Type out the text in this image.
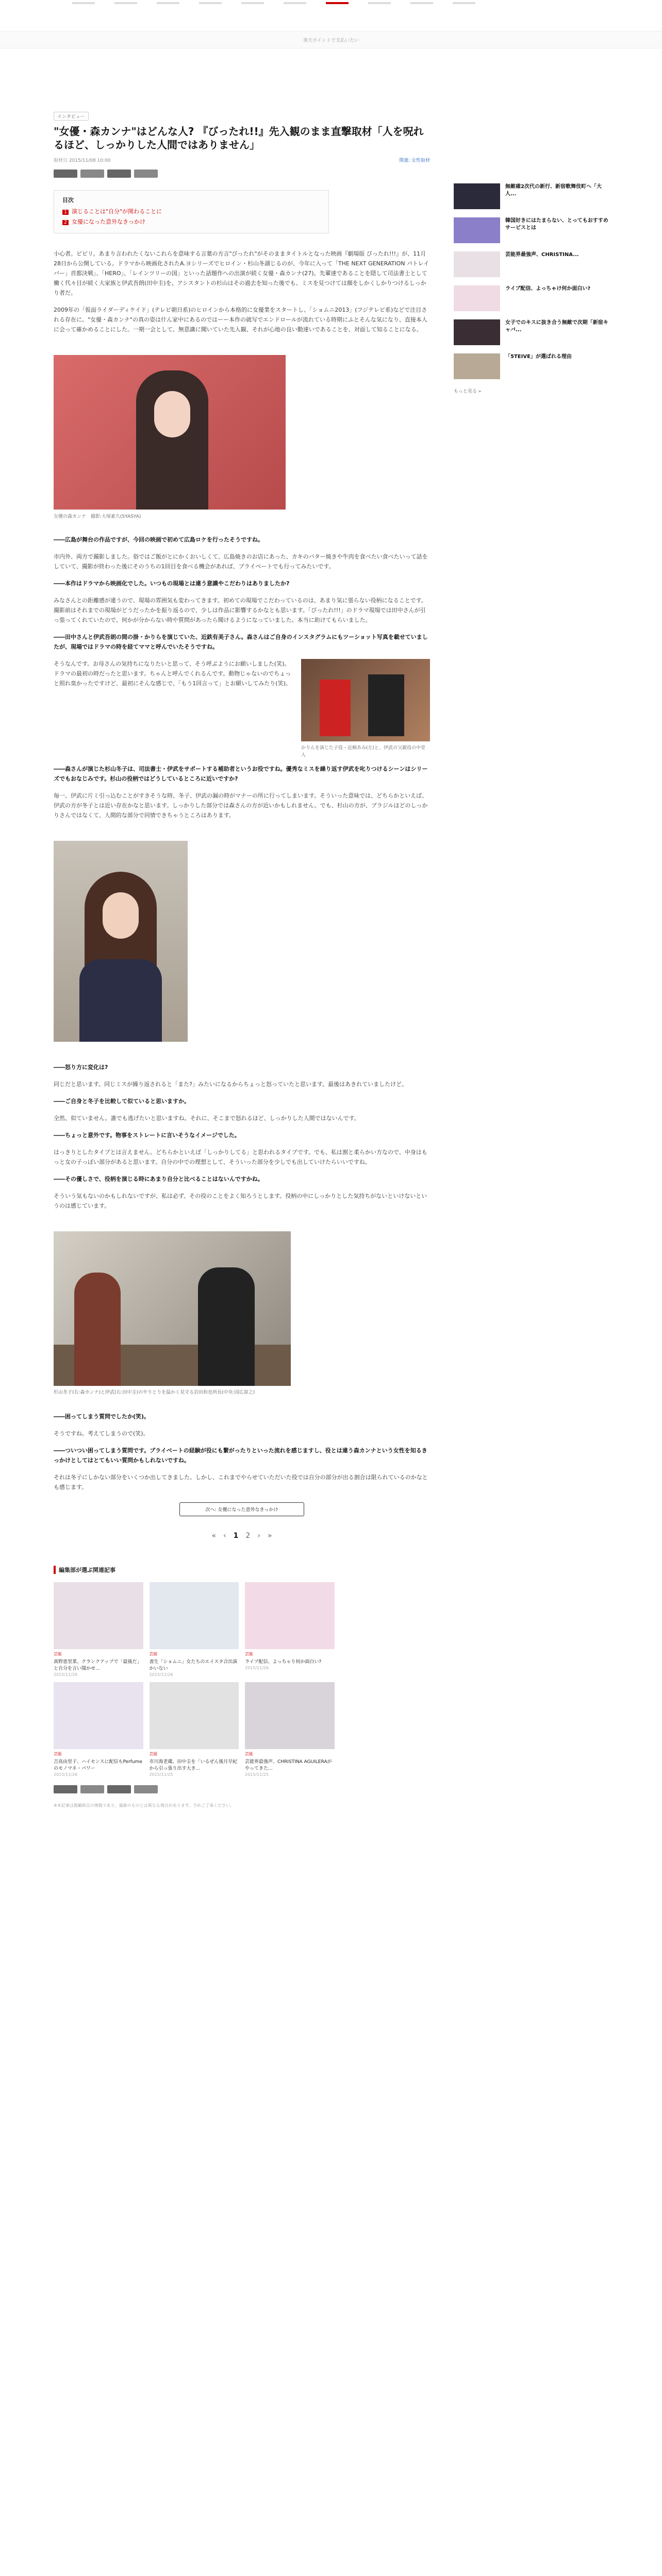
楽天ポイントで支払いたい
インタビュー
"女優・森カンナ"はどんな人? 『びったれ!!』先入観のまま直撃取材「人を呪れるほど、しっかりした人間ではありません」
取材日 2015/11/08 10:00	関連: 女性取材
目次
1 演じることは"自分"が関わることに
2 女優になった意外なきっかけ

小心者。ビビリ。あまり言われたくないこれらを意味する言葉の方言"びったれ"がそのままタイトルとなった映画『劇場版 びったれ!!!』が、11月28日から公開している。ドラマから映画化されたA.ヨシリーズでヒロイン・杉山冬湖じるのが、今年に入って「THE NEXT GENERATION パトレイバー」首都決戦」、「HERO」、「レインツリーの国」といった話題作への出演が続く女優・森カンナ(27)。先輩達であることを隠して司法書士として働く代々目が続く大家族と伊武吾朗(田中圭)を、アシスタントの杉山はその過去を知った後でも、ミスを見つけては顔をしかくしかりつけるしっかり者だ。

2009年の「仮面ライダーディケイド」(テレビ朝日系)のヒロインから本格的に女優業をスタートし、「ショムニ2013」(フジテレビ系)などで注目される存在に。"女優・森カンナ"の真の姿は什ん家中にあるのではーー本作の就写でエンドロールが流れている時期にふとそんな気になり、直接本人に会って確かめることにした。一期一会として、無意識に聞いていた先入観、それが心地の良い勤達いであることを、対面して知ることになる。

女優の森カンナ　撮影:大塚素久(SYASYA)

――広島が舞台の作品ですが、今回の映画で初めて広島ロケを行ったそうですね。

市内外、両方で撮影しました。俗ではご飯がとにかくおいしくて、広島焼きのお店にあった、カキのバター焼きや牛肉を食べたい食べたいって話をしていて、撮影が終わった後にそのうちの1回目を食べる機会があれば、プライベートでも行ってみたいです。

――本作はドラマから映画化でした。いつもの現場とは違う意識やこだわりはありましたか?

みなさんとの距離感が違うので、現場の雰囲気も変わってきます。初めての現場でこだわっているのは、あまり気に張らない役柄になることです。撮影前はそれまでの現場がどうだったかを振り返るので、少しは作品に影響するかなとも思います。「びったれ!!!」のドラマ現場では田中さんが引っ張ってくれていたので、何かが分からない時や質問があったら聞けるようになっていました。本当に助けてもらいました。

――田中さんと伊武吾朗の間の掛・かりらを演じていた、近鉄有美子さん。森さんはご自身のインスタグラムにもツーショット写真を載せていましたが、現場ではドラマの時を経てママと呼んでいたそうですね。

かりんを演じた子役・近桐あみ(左)と、伊武の父親役の中堂人

そうなんです。お母さんの気持ちになりたいと思って、そう呼ぶようにお願いしました(笑)。ドラマの最初の時だったと思います。ちゃんと呼んでくれるんです。動物じゃないのでちょっと照れ臭かったですけど、最初にそんな感じで、「もう1回言って」とお願いしてみたり(笑)。

――森さんが演じた杉山冬子は、司法書士・伊武をサポートする補助者というお役ですね。優秀なミスを繰り返す伊武を叱りつけるシーンはシリーズでもおなじみです。杉山の役柄ではどうしているところに近いですか?

毎一、伊武に片ミ引っ込むことがすきそうな時、冬子、伊武の漏の時がマナーの所に行ってしまいます。そういった意味では、どちらかといえば、伊武の方が冬子とは近い存在かなと思います。しっかりした部分では森さんの方が近いかもしれません。でも、杉山の方が、ブラジルほどのしっかりさんではなくて、人間的な部分で同情できちゃうところはあります。

――怒り方に変化は?

同じだと思います。同じミスが繰り返されると「また?」みたいになるからちょっと怒っていたと思います。最後はあきれていましたけど。

――ご自身と冬子を比較して似ていると思いますか。

全然、似ていません。誰でも逃げたいと思いますね。それに、そこまで怒れるほど、しっかりした人間ではないんです。

――ちょっと意外です。物事をストレートに言いそうなイメージでした。

はっきりとしたタイプとは言えません。どちらかといえば「しっかりしてる」と思われるタイプです。でも、私は割と柔らかい方なので、中身はもっと女の子っぽい部分があると思います。自分の中での理想として、そういった部分を少しでも出していけたらいいですね。

――その優しさで、役柄を演じる時にあまり自分と比べることはないんですかね。

そういう気もないのかもしれないですが、私は必ず、その役のことをよく知ろうとします。役柄の中にしっかりとした気持ちがないといけないというのは感じています。

杉山冬子(右:森カンナ)と伊武(右:田中圭)のやりとりを温かく見守る岩田和也所長(中央:国広富之)

――困ってしまう質問でしたか(笑)。

そうですね。考えてしまうので(笑)。

――ついつい困ってしまう質問です。プライベートの経験が役にも繋がったりといった流れを感じますし、役とは違う森カンナという女性を知るきっかけとしてはとてもいい質問かもしれないですね。

それは冬子にしかない部分をいくつか出してきました。しかし、これまでやらせていただいた役では自分の部分が出る割合は限られているのかなとも感じます。

次へ: 女優になった意外なきっかけ
« ‹ 1 2 › »
編集部が選ぶ関連記事
芸能
真野恵里菜、クランクアップで「最後だ」と自分を言い聞かせ…
2015/11/26
芸能
書生「ショムニ」女たちのエイスタ合出演かいない
2015/11/26
芸能
ライブ配信、よっちゃり何か面白い?
2015/11/26
芸能
吉高由里子、ハイセンスに配信もPerfumeのモノマネ・パワー
2015/11/26
芸能
市川海老蔵、田中圭を「いるぜん後月早紀から引っ張り出す大き…
2015/11/25
芸能
芸能界最強声、CHRISTINA AGUILERAがやってきた…
2015/11/25
※本記事は掲載時点の情報であり、最新のものとは異なる場合があります。予めご了承ください。
無敵確2次代の新行、新宿歌舞伎町へ「大人...
韓国好きにはたまらない、とってもおすすめサービスとは
芸能界最強声、CHRISTINA...
ライブ配信、よっちゃけ何か面白い?
女子でのキスに抜き合う無敵で次期「新宿キャバ...
「5TEIVE」が選ばれる理由
もっと見る »
